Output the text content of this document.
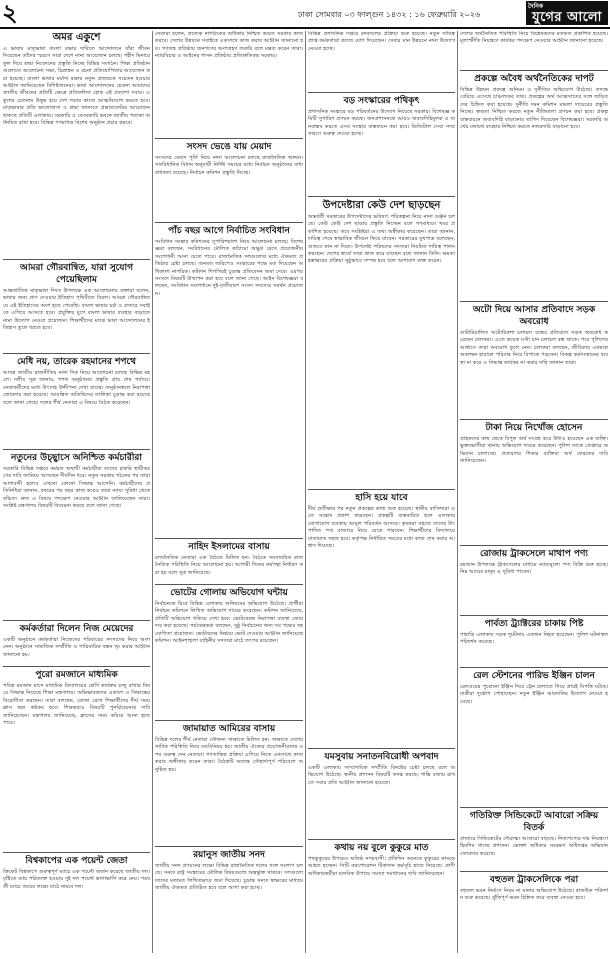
২	ঢাকা সোমবার ০৩ ফাল্গুন ১৪৩২ : ১৬ ফেব্রুয়ারি ২০২৬
দৈনিক
যুগের আলো
অমর একুশে
এ ভাষায় মাতৃভাষা বাংলা রক্ষার দাবিতে আন্দোলনে যাঁরা জীবন দিয়েছেন তাঁদের স্মরণে সারা দেশে নানা আয়োজন চলছে। শহীদ মিনারে ফুল দিয়ে শ্রদ্ধা নিবেদনের প্রস্তুতি নিচ্ছে বিভিন্ন সংগঠন। শিক্ষা প্রতিষ্ঠানগুলোতে আলোচনা সভা, চিত্রাঙ্কন ও রচনা প্রতিযোগিতার আয়োজন করা হয়েছে। বাংলা ভাষার মর্যাদা রক্ষায় নতুন প্রজন্মকে সচেতন হওয়ার আহ্বান জানিয়েছেন বিশিষ্টজনেরা। ভাষা আন্দোলনের চেতনা আমাদের জাতীয় জীবনের প্রতিটি ক্ষেত্রে প্রতিফলিত হোক এই প্রত্যাশা সবার। একুশের চেতনায় উদ্বুদ্ধ হয়ে দেশ গড়ার কাজে আত্মনিয়োগ করতে হবে। মাতৃভাষার প্রতি ভালোবাসা ও শ্রদ্ধা জানাতে প্রভাতফেরির আয়োজন থাকছে প্রতিটি এলাকায়। সরকারি ও বেসরকারি ভবনে জাতীয় পতাকা অর্ধনমিত রাখা হবে। বিভিন্ন গণমাধ্যম বিশেষ অনুষ্ঠান প্রচার করবে।
আমরা গৌরবান্বিত, যারা সুযোগ পেয়েছিলাম
আন্তর্জাতিক মাতৃভাষা দিবস উপলক্ষে এক আলোচনায় বক্তারা বলেন, ভাষার জন্য প্রাণ দেওয়ার ইতিহাস পৃথিবীতে বিরল। আমরা গৌরবান্বিত যে এই ইতিহাসের অংশ হতে পেরেছি। বাংলা ভাষার চর্চা ও প্রসারে সবাইকে এগিয়ে আসতে হবে। প্রযুক্তির যুগে বাংলা ভাষার ব্যবহার বাড়াতে নানা উদ্যোগ নেওয়া প্রয়োজন। শিক্ষার্থীদের মাঝে ভাষা আন্দোলনের ইতিহাস তুলে ধরতে হবে।
মেধি নয়, তারেক রহমানের শপথে
আসন্ন জাতীয় রাজনীতির নানা দিক নিয়ে আলোচনা চলছে বিভিন্ন মহলে। দলীয় সূত্র জানায়, শপথ অনুষ্ঠানের প্রস্তুতি প্রায় শেষ পর্যায়ে। নেতাকর্মীদের মধ্যে উৎসাহ উদ্দীপনা দেখা যাচ্ছে। অনুষ্ঠানস্থলে নিরাপত্তা জোরদার করা হয়েছে। আমন্ত্রিত অতিথিদের তালিকা চূড়ান্ত করা হয়েছে বলে জানা গেছে। দলের শীর্ষ নেতারা এ বিষয়ে বৈঠক করেছেন।
নতুনের উচ্ছ্বাসে অনিশ্চিত কর্মচারীরা
সরকারি বিভিন্ন দপ্তরে কর্মরত অস্থায়ী কর্মচারীরা তাদের চাকরি স্থায়ীকরণের দাবি জানিয়ে আসছেন দীর্ঘদিন ধরে। নতুন সরকার গঠনের পর তারা আশাবাদী হলেও এখনো কোনো সিদ্ধান্ত আসেনি। কর্মচারীদের প্রতিনিধিরা জানান, বছরের পর বছর কাজ করেও তারা ন্যায্য সুবিধা থেকে বঞ্চিত। দ্রুত এ বিষয়ে পদক্ষেপ নেওয়ার আহ্বান জানিয়েছেন তারা। সংশ্লিষ্ট মন্ত্রণালয় বিষয়টি বিবেচনা করছে বলে জানা গেছে।
কর্মকর্তারা দিলেন নিজ মেয়েদের
একটি অনুষ্ঠানে কর্মকর্তারা নিজেদের পরিবারের সদস্যদের নিয়ে অংশ নেন। অনুষ্ঠানে সামাজিক সম্প্রীতি ও পারিবারিক বন্ধন দৃঢ় করার আহ্বান জানানো হয়।
পুরো রমজানে মাধ্যমিক
পবিত্র রমজান মাসে মাধ্যমিক বিদ্যালয়ের শ্রেণি কার্যক্রম চালু রাখার বিষয়ে সিদ্ধান্ত নিয়েছে শিক্ষা মন্ত্রণালয়। অভিভাবকদের একাংশ এ সিদ্ধান্তের বিরোধিতা করছেন। তারা বলছেন, রোজা রেখে শিক্ষার্থীদের দীর্ঘ সময় ক্লাস করা কষ্টকর হবে। শিক্ষকরাও বিষয়টি পুনর্বিবেচনার দাবি জানিয়েছেন। মন্ত্রণালয় জানিয়েছে, ক্লাসের সময় কমিয়ে আনা হতে পারে।
বিশ্বকাপের এক পয়েন্ট জেতা
ক্রিকেট বিশ্বকাপে গুরুত্বপূর্ণ ম্যাচে এক পয়েন্ট অর্জন করেছে জাতীয় দল। বৃষ্টিতে ম্যাচ পরিত্যক্ত হওয়ায় দুই দল পয়েন্ট ভাগাভাগি করে নেয়। পরবর্তী ম্যাচে জয়ের লক্ষ্যে মাঠে নামবে দল।
নেতারা বলেন, প্রত্যেক নাগরিকের অধিকার নিশ্চিত করতে সরকার কাজ করবে। দেশের উন্নয়নে সবাইকে একসাথে কাজ করার আহ্বান জানানো হয়। গণতন্ত্র প্রতিষ্ঠায় জনগণের অংশগ্রহণ জরুরি বলে মন্তব্য করেন তারা। ন্যায়বিচার ও আইনের শাসন প্রতিষ্ঠায় প্রতিশ্রুতিবদ্ধ সরকার।
সংসদ ভেঙে যায় মেয়াদ
সংসদের মেয়াদ পূর্তি নিয়ে নানা আলোচনা চলছে রাজনৈতিক অঙ্গনে। সাংবিধানিক বিধান অনুযায়ী নির্দিষ্ট সময়ের মধ্যে নির্বাচন অনুষ্ঠানের বাধ্যবাধকতা রয়েছে। নির্বাচন কমিশন প্রস্তুতি নিচ্ছে।
পাঁচ বছর আগে নির্বাচিত সংবিধান
সংবিধান সংস্কার কমিশনের সুপারিশমালা নিয়ে আলোচনা চলছে। বিশেষজ্ঞরা বলছেন, সংবিধানের মৌলিক কাঠামো অক্ষুণ্ণ রেখে প্রয়োজনীয় সংশোধনী আনা যেতে পারে। রাজনৈতিক দলগুলোর মধ্যে ঐকমত্য প্রতিষ্ঠার চেষ্টা চলছে। জনমত জরিপেও সংস্কারের পক্ষে মত দিয়েছেন অধিকাংশ নাগরিক। কমিশন শিগগিরই চূড়ান্ত প্রতিবেদন জমা দেবে। এরপর সংসদে বিষয়টি উত্থাপন করা হবে বলে জানা গেছে। আইন বিশেষজ্ঞরা বলছেন, সংবিধান সংশোধনে দুই-তৃতীয়াংশ সংসদ সদস্যের সমর্থন প্রয়োজন।
নাহিদ ইসলামের বাসায়
রাজনৈতিক নেতারা এক বৈঠকে মিলিত হন। বৈঠকে সমসাময়িক রাজনৈতিক পরিস্থিতি নিয়ে আলোচনা হয়। আগামী দিনের কর্মপন্থা নির্ধারণ করা হয় বলে সূত্র জানিয়েছে।
ভোটের গোলায় অভিযোগ ঘন্টায়
নির্বাচনকে ঘিরে বিভিন্ন এলাকায় অনিয়মের অভিযোগ উঠেছে। প্রার্থীরা নির্বাচন কমিশনে লিখিত অভিযোগ দায়ের করেছেন। কমিশন জানিয়েছে, প্রতিটি অভিযোগ খতিয়ে দেখা হবে। ভোটকেন্দ্রে নিরাপত্তা ব্যবস্থা জোরদার করা হয়েছে। পর্যবেক্ষকরা বলছেন, সুষ্ঠু নির্বাচনের জন্য সব পক্ষের সহযোগিতা প্রয়োজন। ভোটারদের নির্ভয়ে ভোট দেওয়ার আহ্বান জানিয়েছে কমিশন। আইনশৃঙ্খলা বাহিনীর সদস্যরা মাঠে তৎপর রয়েছেন।
জামায়াত আমিরের বাসায়
বিভিন্ন দলের শীর্ষ নেতারা সৌজন্য সাক্ষাতে মিলিত হন। সাক্ষাতে দেশের সার্বিক পরিস্থিতি নিয়ে মতবিনিময় হয়। জাতীয় ঐক্যের প্রয়োজনীয়তার ওপর গুরুত্ব দেন নেতারা। গণতান্ত্রিক প্রক্রিয়া এগিয়ে নিতে একসাথে কাজ করার অঙ্গীকার করেন তারা। বৈঠকটি অত্যন্ত সৌহার্দ্যপূর্ণ পরিবেশে অনুষ্ঠিত হয়।
রয়ানুস জাতীয় সনদ
জাতীয় সনদ প্রণয়নের লক্ষ্যে বিভিন্ন রাজনৈতিক দলের সঙ্গে সংলাপ চলছে। সনদে রাষ্ট্র সংস্কারের মৌলিক বিষয়গুলো অন্তর্ভুক্ত থাকবে। দলগুলো তাদের মতামত লিখিতভাবে জমা দিয়েছে। চূড়ান্ত সনদে স্বাক্ষরের মাধ্যমে জাতীয় ঐক্যমত প্রতিষ্ঠিত হবে বলে আশা করা হচ্ছে।
বিভিন্ন প্রশাসনিক দপ্তরে রদবদলের প্রক্রিয়া শুরু হয়েছে। নতুন দায়িত্বপ্রাপ্ত কর্মকর্তারা কাজে যোগ দিয়েছেন। সেবার মান উন্নয়নে নানা উদ্যোগ নেওয়া হচ্ছে।
বড় সংস্কারের পথিকৃৎ
প্রশাসনিক সংস্কারে বড় পরিবর্তনের উদ্যোগ নিয়েছে সরকার। বিশেষজ্ঞ কমিটি সুপারিশ প্রণয়ন করছে। জনপ্রশাসনকে আরও জবাবদিহিমূলক ও জনবান্ধব করতে এসব সংস্কার বাস্তবায়ন করা হবে। ডিজিটাল সেবা সম্প্রসারণে গুরুত্ব দেওয়া হচ্ছে।
উপদেষ্টারা কেউ দেশ ছাড়ছেন
অন্তর্বর্তী সরকারের উপদেষ্টাদের ভবিষ্যৎ পরিকল্পনা নিয়ে নানা গুঞ্জন চলছে। কেউ কেউ দেশ ছাড়ার প্রস্তুতি নিচ্ছেন বলে গণমাধ্যমে খবর প্রকাশিত হয়েছে। তবে সংশ্লিষ্টরা এ তথ্য অস্বীকার করেছেন। তারা জানান, দায়িত্ব শেষে স্বাভাবিক জীবনে ফিরে যাবেন। সরকারের মুখপাত্র বলেছেন, গুজবে কান না দিতে। উপদেষ্টা পরিষদের সদস্যরা নিয়মিত দায়িত্ব পালন করছেন। দেশের স্বার্থে তারা কাজ করে যাচ্ছেন বলে জানান তিনি। ক্ষমতা হস্তান্তরের প্রক্রিয়া সুষ্ঠুভাবে সম্পন্ন হবে বলে আশাবাদ ব্যক্ত করেন।
হাসি হয়ে যাবে
দীর্ঘ প্রতীক্ষার পর নতুন প্রকল্পের কাজ শুরু হয়েছে। স্থানীয় বাসিন্দারা এতে সন্তোষ প্রকাশ করেছেন। প্রকল্পটি বাস্তবায়িত হলে এলাকার যোগাযোগ ব্যবস্থায় আমূল পরিবর্তন আসবে। কৃষকরা সহজে তাদের উৎপাদিত পণ্য বাজারে নিয়ে যেতে পারবেন। শিক্ষার্থীদের বিদ্যালয়ে যাতায়াত সহজ হবে। কর্তৃপক্ষ নির্ধারিত সময়ের মধ্যে কাজ শেষ করার আশ্বাস দিয়েছে।
যমসুবায় সনাতনবিরোধী অপবাদ
একটি এলাকায় সাম্প্রদায়িক সম্প্রীতি বিনষ্টের চেষ্টা চলছে বলে অভিযোগ উঠেছে। স্থানীয় প্রশাসন বিষয়টি তদন্ত করছে। শান্তি বজায় রাখতে সবার প্রতি আহ্বান জানানো হয়েছে।
কথায় নয় বুলে কুকুরে মাত
পথকুকুরের উপদ্রবে অতিষ্ঠ নগরবাসী। প্রতিদিন অনেকে কুকুরের কামড়ে আহত হচ্ছেন। সিটি করপোরেশন টিকাদান কর্মসূচি হাতে নিয়েছে। প্রাণী অধিকারকর্মীরা মানবিক উপায়ে সমস্যা সমাধানের দাবি জানিয়েছেন।
দেশের অর্থনৈতিক পরিস্থিতি নিয়ে বিশ্লেষকদের মতামত প্রকাশিত হয়েছে। মূল্যস্ফীতি নিয়ন্ত্রণে কার্যকর পদক্ষেপ নেওয়ার আহ্বান জানানো হয়েছে।
প্রকল্পে অবৈধ অর্থনৈতিকের দাপট
বিভিন্ন উন্নয়ন প্রকল্পে অনিয়ম ও দুর্নীতির অভিযোগ উঠেছে। তদন্তে বেরিয়ে এসেছে চাঞ্চল্যকর তথ্য। প্রকল্পের অর্থ আত্মসাতের সঙ্গে জড়িতদের চিহ্নিত করা হয়েছে। দুর্নীতি দমন কমিশন মামলা দায়েরের প্রস্তুতি নিচ্ছে। স্বচ্ছতা নিশ্চিত করতে নতুন নীতিমালা প্রণয়ন করা হবে। প্রকল্প বাস্তবায়নে জবাবদিহি বাড়ানোর তাগিদ দিয়েছেন বিশেষজ্ঞরা। সরকারি অর্থের যথাযথ ব্যবহার নিশ্চিত করতে নজরদারি বাড়ানো হবে।
অটো দিয়ে আসার প্রতিবাদে সড়ক অবরোধ
ব্যাটারিচালিত অটোরিকশা চলাচল বন্ধের প্রতিবাদে সড়ক অবরোধ করেছেন চালকরা। এতে কয়েক ঘণ্টা যান চলাচল বন্ধ থাকে। পরে পুলিশের আশ্বাসে তারা অবরোধ তুলে নেন। চালকরা বলছেন, জীবিকার একমাত্র অবলম্বন হারালে পরিবার নিয়ে বিপাকে পড়বেন। বিকল্প কর্মসংস্থানের ব্যবস্থা না করে এ সিদ্ধান্ত কার্যকর না করার দাবি জানান তারা।
টাকা নিয়ে নিখোঁজ হোসেন
গ্রাহকদের কাছ থেকে বিপুল অর্থ সংগ্রহ করে উধাও হয়েছেন এক ব্যক্তি। ভুক্তভোগীরা থানায় অভিযোগ দায়ের করেছেন। পুলিশ তাকে গ্রেপ্তারে অভিযান চালাচ্ছে। প্রতারণার শিকার ব্যক্তিরা অর্থ ফেরতের দাবি জানিয়েছেন।
রোজায় ট্রাকসেলে মাথাপ পণ্য
রমজান উপলক্ষে ট্রাকসেলের মাধ্যমে ন্যায্যমূল্যে পণ্য বিক্রি শুরু হচ্ছে। নিম্ন আয়ের মানুষ এ সুবিধা পাবেন।
পার্বত্য ট্র্যাক্টরের চাকায় পিষ্ট
পাহাড়ি এলাকায় সড়ক দুর্ঘটনায় একজন নিহত হয়েছেন। পুলিশ ঘটনাস্থল পরিদর্শন করেছে।
রেল স্টেশনের পারিভ ইঞ্জিন চালন
রেলওয়ের পুরোনো ইঞ্জিন দিয়ে ট্রেন চালাতে গিয়ে প্রায়ই বিপত্তি ঘটছে। যাত্রীরা দুর্ভোগ পোহাচ্ছেন। নতুন ইঞ্জিন আমদানির উদ্যোগ নেওয়া হয়েছে।
গতিরিক্ত সিন্ডিকেটে আবারো সক্রিয় বিতর্ক
বাজারে সিন্ডিকেটের দৌরাত্ম্য আবারো বাড়ছে। নিত্যপণ্যের দাম নিয়ন্ত্রণে হিমশিম খাচ্ছে প্রশাসন। ভোক্তা অধিকার সংরক্ষণ অধিদপ্তর অভিযান জোরদার করেছে।
বহুতল ট্রাকসেলিকে পরা
বহুতল ভবন নির্মাণে নিয়ম না মানার অভিযোগ উঠেছে। রাজউক পরিদর্শন শুরু করেছে। ঝুঁকিপূর্ণ ভবন চিহ্নিত করে ব্যবস্থা নেওয়া হবে।
